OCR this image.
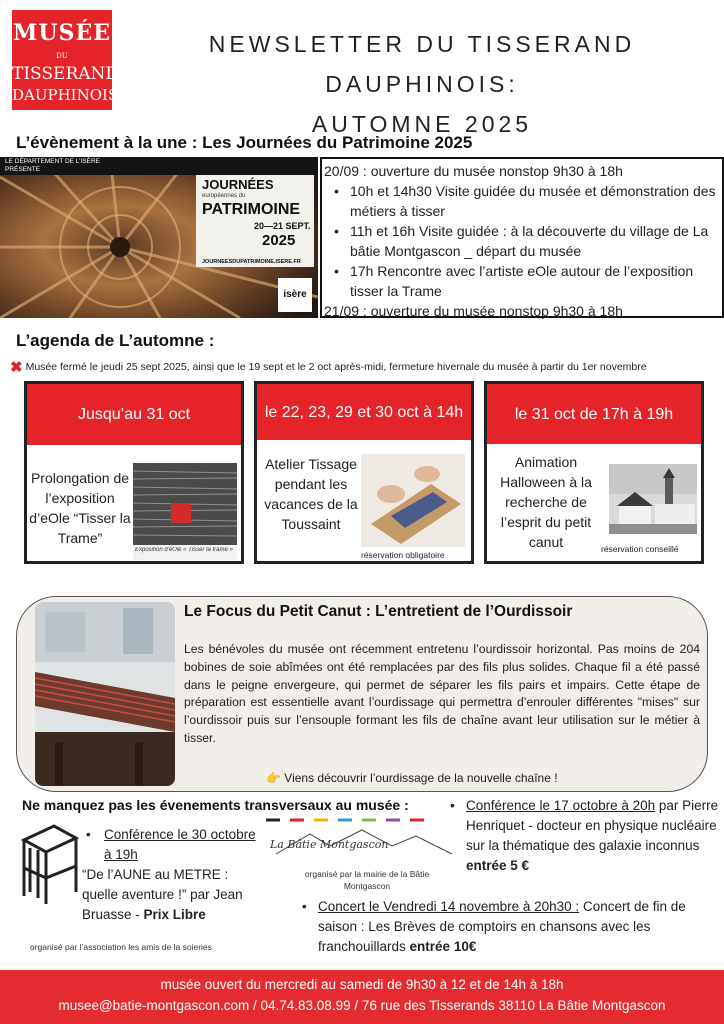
MUSÉE
DU
TISSERAND
DAUPHINOIS
NEWSLETTER DU TISSERAND DAUPHINOIS:
AUTOMNE 2025
L’évènement à la une : Les Journées du Patrimoine 2025
LE DÉPARTEMENT DE L’ISÈRE
PRÉSENTE
JOURNÉES
européennes du
PATRIMOINE
20—21 SEPT.
2025
JOURNEESDUPATRIMOINE.ISERE.FR
isère
20/09 : ouverture du musée nonstop 9h30 à 18h
• 10h et 14h30 Visite guidée du musée et démonstration des métiers à tisser
• 11h et 16h Visite guidée : à la découverte du village de La bâtie Montgascon _ départ du musée
• 17h Rencontre avec l’artiste eOle autour de l’exposition tisser la Trame
21/09 : ouverture du musée nonstop 9h30 à 18h
L’agenda de L’automne :
✖ Musée fermé le jeudi 25 sept 2025, ainsi que le 19 sept et le 2 oct après-midi, fermeture hivernale du musée à partir du 1er novembre
Jusqu’au 31 oct
Prolongation de l’exposition d’eOle “Tisser la Trame”
Exposition d'eOle « Tisser la trame »
le 22, 23, 29 et 30 oct à 14h
Atelier Tissage pendant les vacances de la Toussaint
réservation obligatoire
le 31 oct de 17h à 19h
Animation Halloween à la recherche de l’esprit du petit canut	réservation conseillé
Le Focus du Petit Canut : L’entretient de l’Ourdissoir
Les bénévoles du musée ont récemment entretenu l’ourdissoir horizontal. Pas moins de 204 bobines de soie abîmées ont été remplacées par des fils plus solides. Chaque fil a été passé dans le peigne envergeure, qui permet de séparer les fils pairs et impairs. Cette étape de préparation est essentielle avant l’ourdissage qui permettra d’enrouler différentes "mises" sur l’ourdissoir puis sur l’ensouple formant les fils de chaîne avant leur utilisation sur le métier à tisser.
👉 Viens découvrir l’ourdissage de la nouvelle chaîne !
Ne manquez pas les évenements transversaux au musée :
• Conférence le 30 octobre à 19h
“De l’AUNE au METRE : quelle aventure !” par Jean Bruasse - Prix Libre
organisé par l’association les amis de la soieries
La Bâtie Montgascon
organisé par la mairie de la Bâtie Montgascon
• Conférence le 17 octobre à 20h par Pierre Henriquet - docteur en physique nucléaire sur la thématique des galaxie inconnus entrée 5 €
• Concert le Vendredi 14 novembre à 20h30 : Concert de fin de saison : Les Brèves de comptoirs en chansons avec les franchouillards entrée 10€
musée ouvert du mercredi au samedi de 9h30 à 12 et de 14h à 18h
musee@batie-montgascon.com / 04.74.83.08.99 / 76 rue des Tisserands 38110 La Bâtie Montgascon
